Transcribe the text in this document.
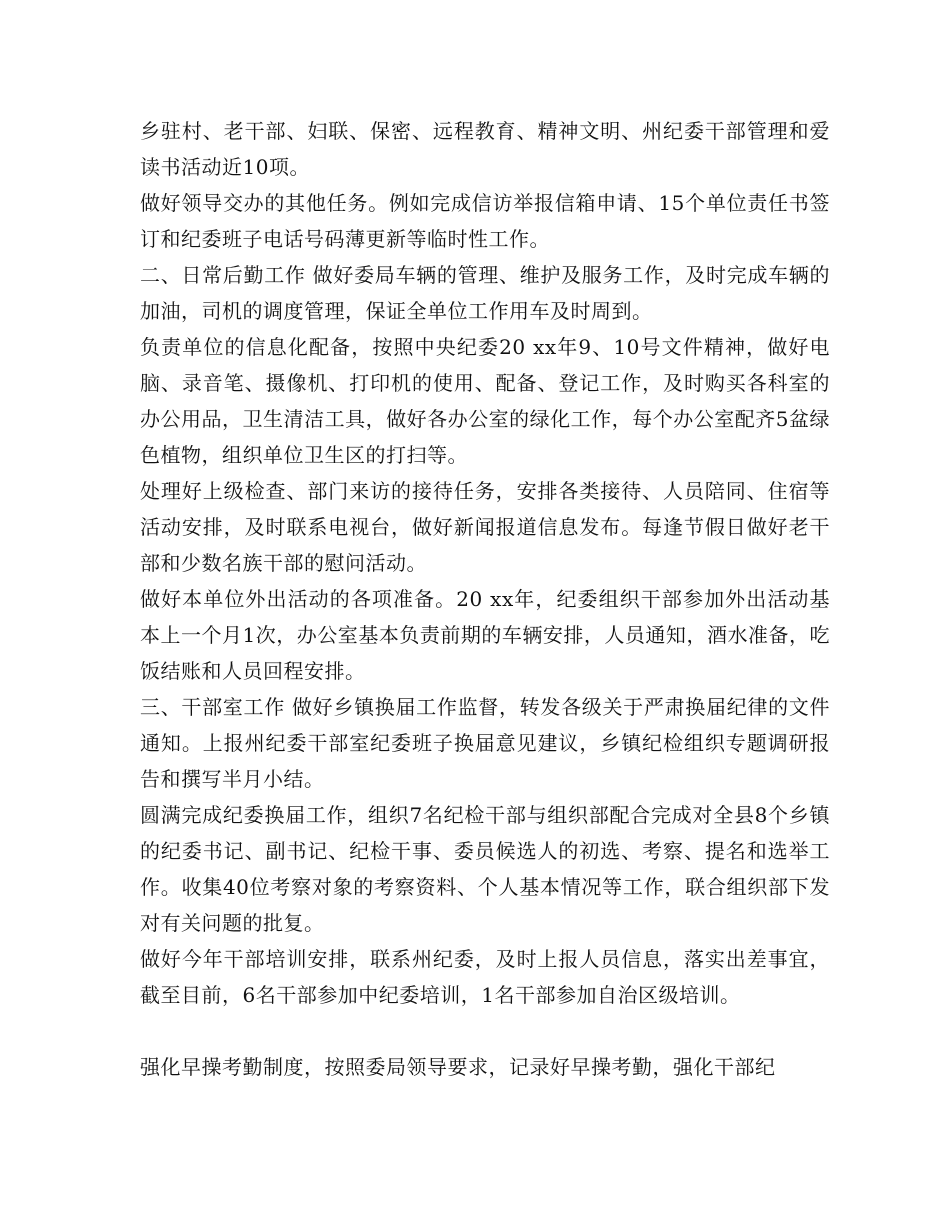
乡驻村、老干部、妇联、保密、远程教育、精神文明、州纪委干部管理和爱读书活动近10项。

做好领导交办的其他任务。例如完成信访举报信箱申请、15个单位责任书签订和纪委班子电话号码薄更新等临时性工作。

二、日常后勤工作 做好委局车辆的管理、维护及服务工作，及时完成车辆的加油，司机的调度管理，保证全单位工作用车及时周到。

负责单位的信息化配备，按照中央纪委20 xx年9、10号文件精神，做好电脑、录音笔、摄像机、打印机的使用、配备、登记工作，及时购买各科室的办公用品，卫生清洁工具，做好各办公室的绿化工作，每个办公室配齐5盆绿色植物，组织单位卫生区的打扫等。

处理好上级检查、部门来访的接待任务，安排各类接待、人员陪同、住宿等活动安排，及时联系电视台，做好新闻报道信息发布。每逢节假日做好老干部和少数名族干部的慰问活动。

做好本单位外出活动的各项准备。20 xx年，纪委组织干部参加外出活动基本上一个月1次，办公室基本负责前期的车辆安排，人员通知，酒水准备，吃饭结账和人员回程安排。

三、干部室工作 做好乡镇换届工作监督，转发各级关于严肃换届纪律的文件通知。上报州纪委干部室纪委班子换届意见建议，乡镇纪检组织专题调研报告和撰写半月小结。

圆满完成纪委换届工作，组织7名纪检干部与组织部配合完成对全县8个乡镇的纪委书记、副书记、纪检干事、委员候选人的初选、考察、提名和选举工作。收集40位考察对象的考察资料、个人基本情况等工作，联合组织部下发对有关问题的批复。

做好今年干部培训安排，联系州纪委，及时上报人员信息，落实出差事宜，截至目前，6名干部参加中纪委培训，1名干部参加自治区级培训。

强化早操考勤制度，按照委局领导要求，记录好早操考勤，强化干部纪
